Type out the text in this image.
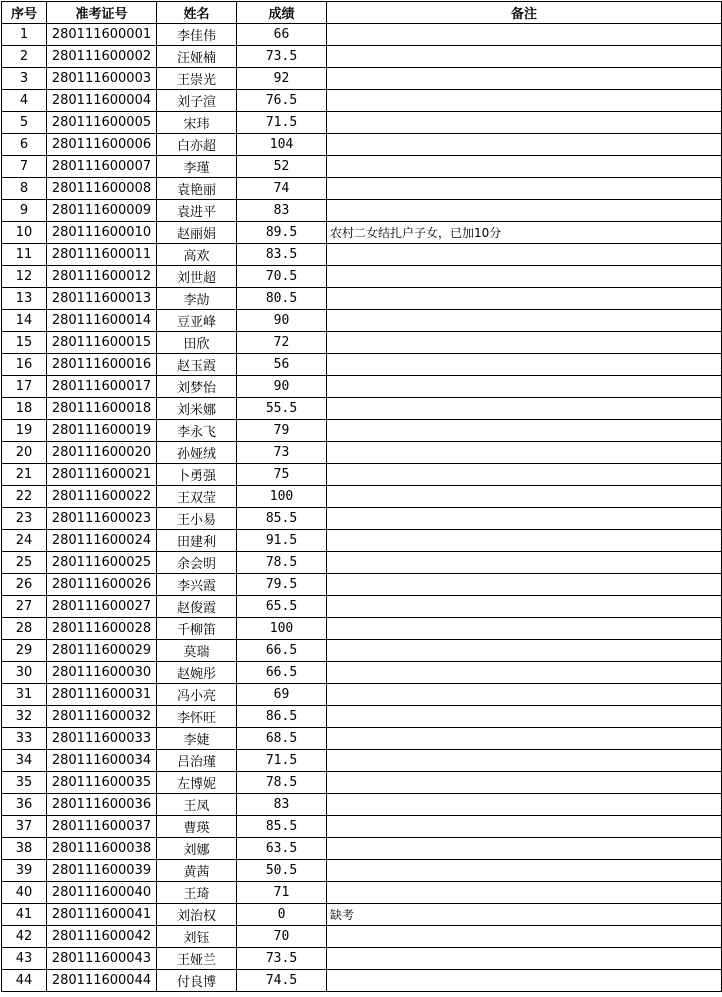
序号	准考证号	姓名	成绩	备注
1	280111600001	李佳伟	66	
2	280111600002	汪娅楠	73.5	
3	280111600003	王崇光	92	
4	280111600004	刘子渲	76.5	
5	280111600005	宋玮	71.5	
6	280111600006	白亦超	104	
7	280111600007	李瑾	52	
8	280111600008	袁艳丽	74	
9	280111600009	袁进平	83	
10	280111600010	赵丽娟	89.5	农村二女结扎户子女，已加10分
11	280111600011	高欢	83.5	
12	280111600012	刘世超	70.5	
13	280111600013	李劼	80.5	
14	280111600014	豆亚峰	90	
15	280111600015	田欣	72	
16	280111600016	赵玉霞	56	
17	280111600017	刘梦怡	90	
18	280111600018	刘米娜	55.5	
19	280111600019	李永飞	79	
20	280111600020	孙娅绒	73	
21	280111600021	卜勇强	75	
22	280111600022	王双莹	100	
23	280111600023	王小易	85.5	
24	280111600024	田建利	91.5	
25	280111600025	余会明	78.5	
26	280111600026	李兴霞	79.5	
27	280111600027	赵俊霞	65.5	
28	280111600028	千柳笛	100	
29	280111600029	莫瑞	66.5	
30	280111600030	赵婉彤	66.5	
31	280111600031	冯小亮	69	
32	280111600032	李怀旺	86.5	
33	280111600033	李婕	68.5	
34	280111600034	吕治瑾	71.5	
35	280111600035	左博妮	78.5	
36	280111600036	王凤	83	
37	280111600037	曹瑛	85.5	
38	280111600038	刘娜	63.5	
39	280111600039	黄茜	50.5	
40	280111600040	王琦	71	
41	280111600041	刘治权	0	缺考
42	280111600042	刘钰	70	
43	280111600043	王娅兰	73.5	
44	280111600044	付良博	74.5	
